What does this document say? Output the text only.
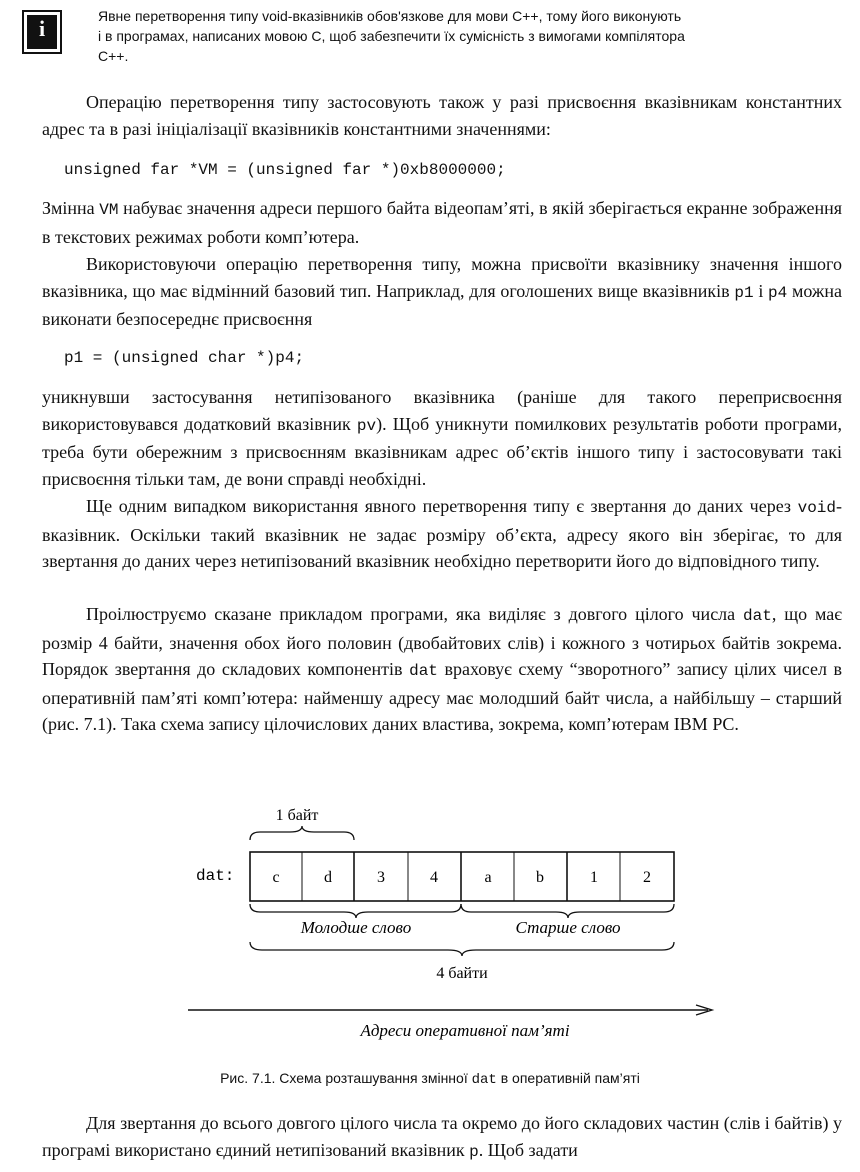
i	Явне перетворення типу void-вказівників обов'язкове для мови C++, тому його виконують
і в програмах, написаних мовою С, щоб забезпечити їх сумісність з вимогами компілятора
С++.

Операцію перетворення типу застосовують також у разі присвоєння вказівникам константних адрес та в разі ініціалізації вказівників константними значеннями:

unsigned far *VM = (unsigned far *)0xb8000000;

Змінна VM набуває значення адреси першого байта відеопам’яті, в якій зберігається екранне зображення в текстових режимах роботи комп’ютера.

Використовуючи операцію перетворення типу, можна присвоїти вказівнику значення іншого вказівника, що має відмінний базовий тип. Наприклад, для оголошених вище вказівників p1 і p4 можна виконати безпосереднє присвоєння

p1 = (unsigned char *)p4;

уникнувши застосування нетипізованого вказівника (раніше для такого переприсвоєння використовувався додатковий вказівник pv). Щоб уникнути помилкових результатів роботи програми, треба бути обережним з присвоєнням вказівникам адрес об’єктів іншого типу і застосовувати такі присвоєння тільки там, де вони справді необхідні.

Ще одним випадком використання явного перетворення типу є звертання до даних через void-вказівник. Оскільки такий вказівник не задає розміру об’єкта, адресу якого він зберігає, то для звертання до даних через нетипізований вказівник необхідно перетворити його до відповідного типу.

Проілюструємо сказане прикладом програми, яка виділяє з довгого цілого числа dat, що має розмір 4 байти, значення обох його половин (двобайтових слів) і кожного з чотирьох байтів зокрема. Порядок звертання до складових компонентів dat враховує схему “зворотного” запису цілих чисел в оперативній пам’яті комп’ютера: найменшу адресу має молодший байт числа, а найбільшу – старший (рис. 7.1). Така схема запису цілочислових даних властива, зокрема, комп’ютерам IBM PC.

1 байт
dat: c	d	3	4	a	b	1	2
Молодше слово	Старше слово
4 байти
Адреси оперативної пам’яті
Рис. 7.1. Схема розташування змінної dat в оперативній пам’яті

Для звертання до всього довгого цілого числа та окремо до його складових частин (слів і байтів) у програмі використано єдиний нетипізований вказівник p. Щоб задати
